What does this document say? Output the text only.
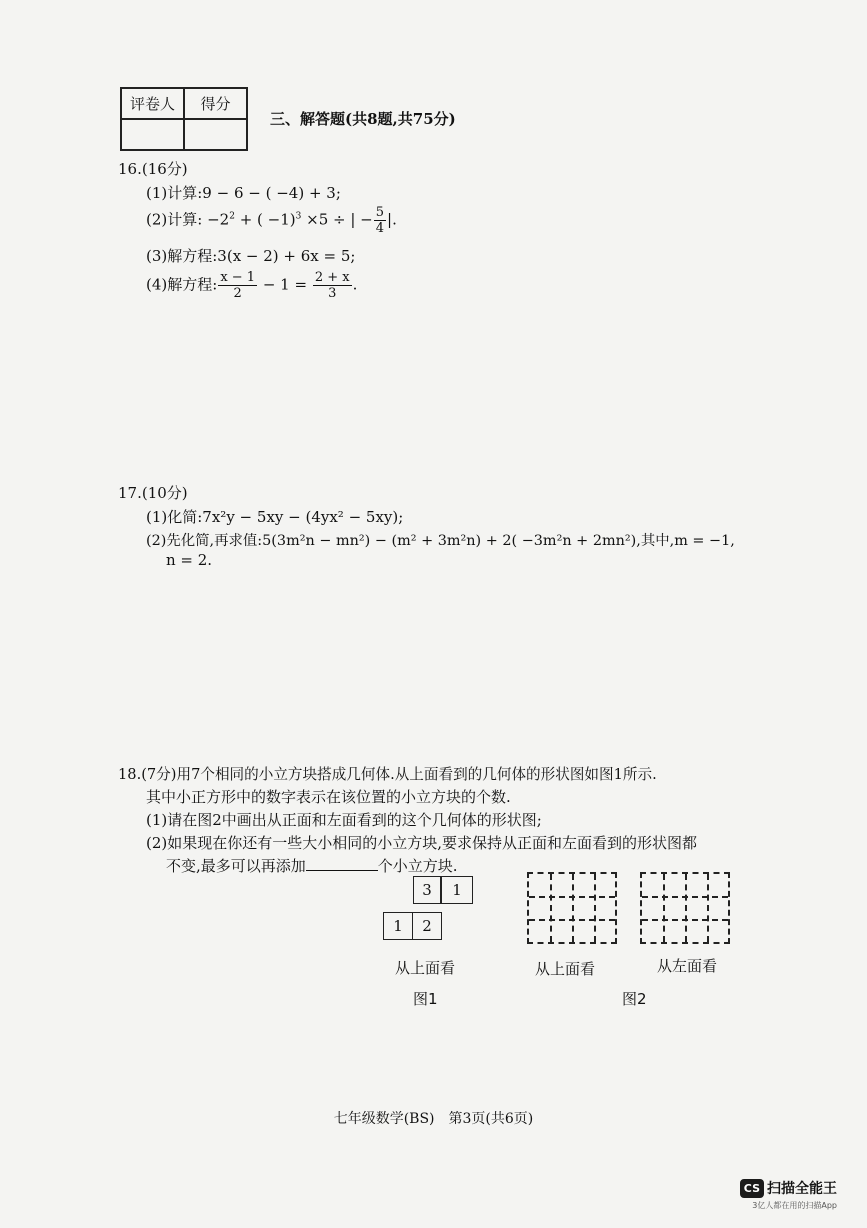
评卷人	得分

三、解答题(共8题,共75分)
16.(16分)
(1)计算:9 − 6 − ( −4) + 3;
(2)计算: $-2^2$ + ( −1)$^3$ ×5 ÷ | − $\frac{5}{4}$ |.
(3)解方程:3(x − 2) + 6x = 5;
(4)解方程: $\frac{x - 1}{2} - 1 = \frac{2 + x}{3}$ .
17.(10分)
(1)化简:7x²y − 5xy − (4yx² − 5xy);
(2)先化简,再求值:5(3m²n − mn²) − (m² + 3m²n) + 2( −3m²n + 2mn²),其中,m = −1,
n = 2.
18.(7分)用7个相同的小立方块搭成几何体.从上面看到的几何体的形状图如图1所示.
其中小正方形中的数字表示在该位置的小立方块的个数.
(1)请在图2中画出从正面和左面看到的这个几何体的形状图;
(2)如果现在你还有一些大小相同的小立方块,要求保持从正面和左面看到的形状图都
不变,最多可以再添加	个小立方块.
3	1
1	2
从上面看
图1
从上面看	从左面看
图2
七年级数学(BS)　第3页(共6页)
CS 扫描全能王
3亿人都在用的扫描App
